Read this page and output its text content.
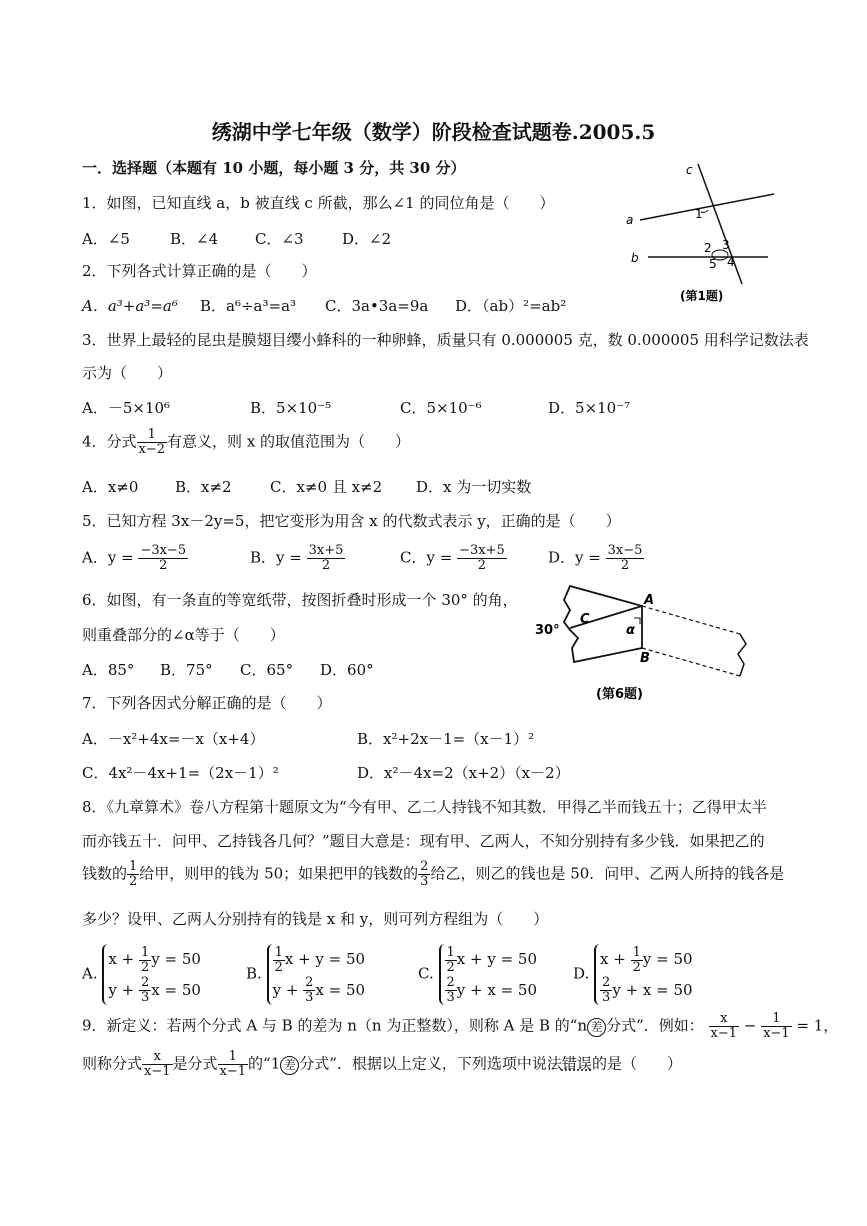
绣湖中学七年级（数学）阶段检查试题卷.2005.5
一．选择题（本题有 10 小题，每小题 3 分，共 30 分）
1．如图，已知直线 a，b 被直线 c 所截，那么∠1 的同位角是（　　）
A．∠5	B．∠4 C．∠3	D．∠2
c
a
b
1
2 3
5 4
(第1题)
2．下列各式计算正确的是（　　）
A．a³+a³=a⁶ B．a⁶÷a³=a³ C．3a•3a=9a D．（ab）²=ab²
3．世界上最轻的昆虫是膜翅目缨小蜂科的一种卵蜂，质量只有 0.000005 克，数 0.000005 用科学记数法表
示为（　　）
A．－5×10⁶	B．5×10⁻⁵	C．5×10⁻⁶	D．5×10⁻⁷
4．分式 $\frac{1}{x-2}$ 有意义，则 x 的取值范围为（　　）
A．x≠0 B．x≠2	C．x≠0 且 x≠2 D．x 为一切实数
5．已知方程 3x－2y=5，把它变形为用含 x 的代数式表示 y，正确的是（　　）
A．$y = \frac{-3x-5}{2}$	B．$y = \frac{3x+5}{2}$	C．$y = \frac{-3x+5}{2}$	D．$y = \frac{3x-5}{2}$
6．如图，有一条直的等宽纸带，按图折叠时形成一个 30° 的角，
则重叠部分的∠α等于（　　）
A．85° B．75° C．65° D．60°
30°
C
A
α
B
(第6题)
7．下列各因式分解正确的是（　　）
A．－x²+4x=－x（x+4）	B．x²+2x－1=（x－1）²
C．4x²－4x+1=（2x－1）²	D．x²－4x=2（x+2）（x－2）
8．《九章算术》卷八方程第十题原文为“今有甲、乙二人持钱不知其数．甲得乙半而钱五十；乙得甲太半
而亦钱五十．问甲、乙持钱各几何？”题目大意是：现有甲、乙两人，不知分别持有多少钱．如果把乙的
钱数的 $\frac{1}{2}$ 给甲，则甲的钱为 50；如果把甲的钱数的 $\frac{2}{3}$ 给乙，则乙的钱也是 50．问甲、乙两人所持的钱各是
多少？设甲、乙两人分别持有的钱是 x 和 y，则可列方程组为（　　）
A. $x + \frac{1}{2}$ y = 50
$y + \frac{2}{3}$ x = 50
B. $\frac{1}{2}$ x + y = 50
$y + \frac{2}{3}$ x = 50
C. $\frac{1}{2}$ x + y = 50

$\frac{2}{3}$ y + x = 50
D. $x + \frac{1}{2}$ y = 50

$\frac{2}{3}$ y + x = 50
9．新定义：若两个分式 A 与 B 的差为 n（n 为正整数），则称 A 是 B 的“n 差 分式”．例如： $\frac{x}{x-1} - \frac{1}{x-1} = 1$，
则称分式 $\frac{x}{x-1}$ 是分式 $\frac{1}{x-1}$ 的“1 差 分式”．根据以上定义，下列选项中说法错误的是（　　）
